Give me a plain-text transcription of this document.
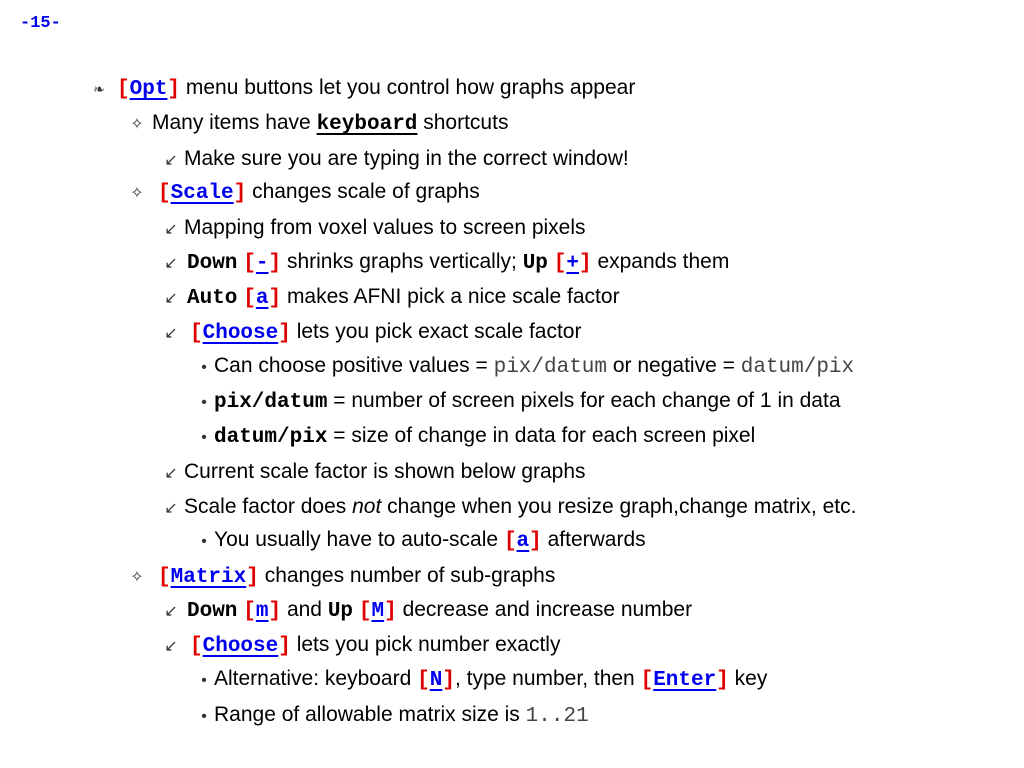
-15-
❧ [Opt] menu buttons let you control how graphs appear
✧ Many items have keyboard shortcuts
↙ Make sure you are typing in the correct window!
✧ [Scale] changes scale of graphs
↙ Mapping from voxel values to screen pixels
↙ Down [-] shrinks graphs vertically; Up [+] expands them
↙ Auto [a] makes AFNI pick a nice scale factor
↙ [Choose] lets you pick exact scale factor
• Can choose positive values = pix/datum or negative = datum/pix
• pix/datum = number of screen pixels for each change of 1 in data
• datum/pix = size of change in data for each screen pixel
↙ Current scale factor is shown below graphs
↙ Scale factor does not change when you resize graph,change matrix, etc.
• You usually have to auto-scale [a] afterwards
✧ [Matrix] changes number of sub-graphs
↙ Down [m] and Up [M] decrease and increase number
↙ [Choose] lets you pick number exactly
• Alternative: keyboard [N], type number, then [Enter] key
• Range of allowable matrix size is 1..21
